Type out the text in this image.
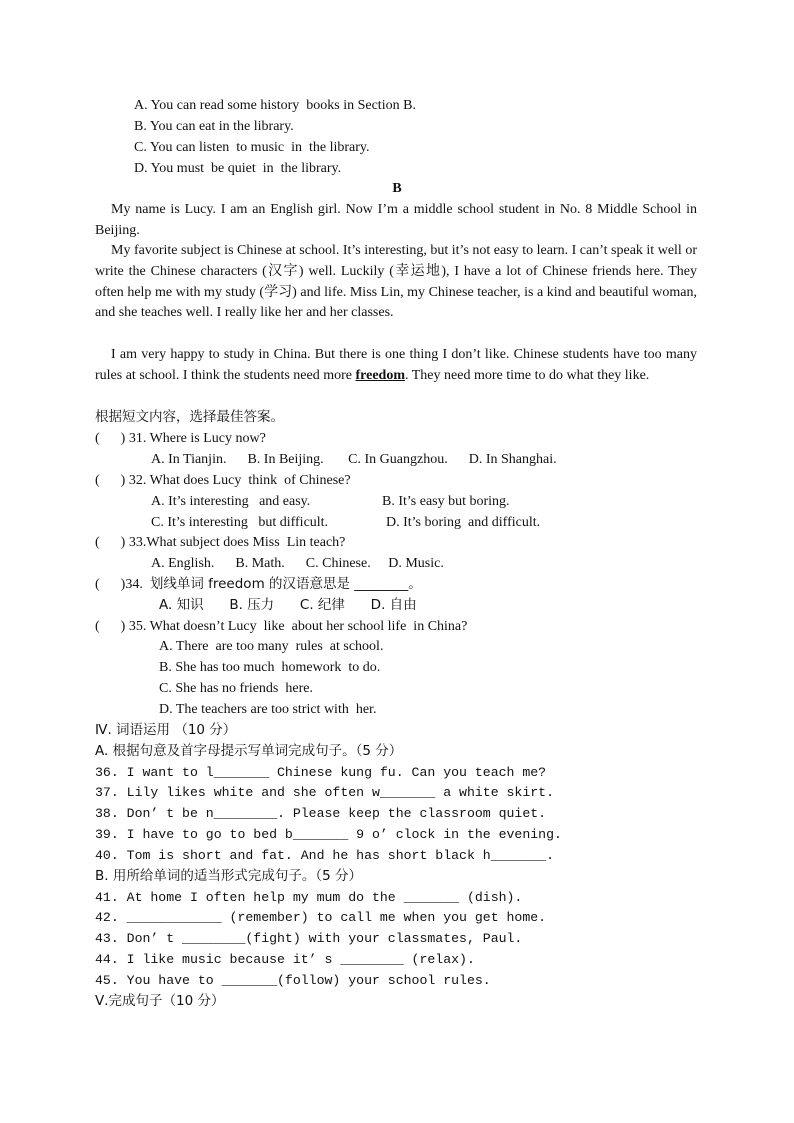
A. You can read some history  books in Section B.
B. You can eat in the library.
C. You can listen  to music  in  the library.
D. You must  be quiet  in  the library.
B
My name is Lucy. I am an English girl. Now I’m a middle school student in No. 8 Middle School in Beijing.
My favorite subject is Chinese at school. It’s interesting, but it’s not easy to learn. I can’t speak it well or write the Chinese characters (汉字) well. Luckily (幸运地), I have a lot of Chinese friends here. They often help me with my study (学习) and life. Miss Lin, my Chinese teacher, is a kind and beautiful woman, and she teaches well. I really like her and her classes.
I am very happy to study in China. But there is one thing I don’t like. Chinese students have too many rules at school. I think the students need more freedom. They need more time to do what they like.
根据短文内容，选择最佳答案。
(      ) 31. Where is Lucy now?
A. In Tianjin.      B. In Beijing.       C. In Guangzhou.      D. In Shanghai.
(      ) 32. What does Lucy  think  of Chinese?
A. It’s interesting   and easy.	B. It’s easy but boring.
C. It’s interesting   but difficult.	D. It’s boring  and difficult.
(      ) 33.What subject does Miss  Lin teach?
A. English.      B. Math.      C. Chinese.     D. Music.
(      )34.  划线单词 freedom 的汉语意思是 ________。
A. 知识      B. 压力      C. 纪律      D. 自由
(      ) 35. What doesn’t Lucy  like  about her school life  in China?
A. There  are too many  rules  at school.
B. She has too much  homework  to do.
C. She has no friends  here.
D. The teachers are too strict with  her.
Ⅳ. 词语运用 （10 分）
A. 根据句意及首字母提示写单词完成句子。（5 分）
36. I want to l_______ Chinese kung fu. Can you teach me?
37. Lily likes white and she often w_______ a white skirt.
38. Don’ t be n________. Please keep the classroom quiet.
39. I have to go to bed b_______ 9 o’ clock in the evening.
40. Tom is short and fat. And he has short black h_______.
B. 用所给单词的适当形式完成句子。（5 分）
41. At home I often help my mum do the _______ (dish).
42. ____________ (remember) to call me when you get home.
43. Don’ t ________(fight) with your classmates, Paul.
44. I like music because it’ s ________ (relax).
45. You have to _______(follow) your school rules.
Ⅴ.完成句子（10 分）
